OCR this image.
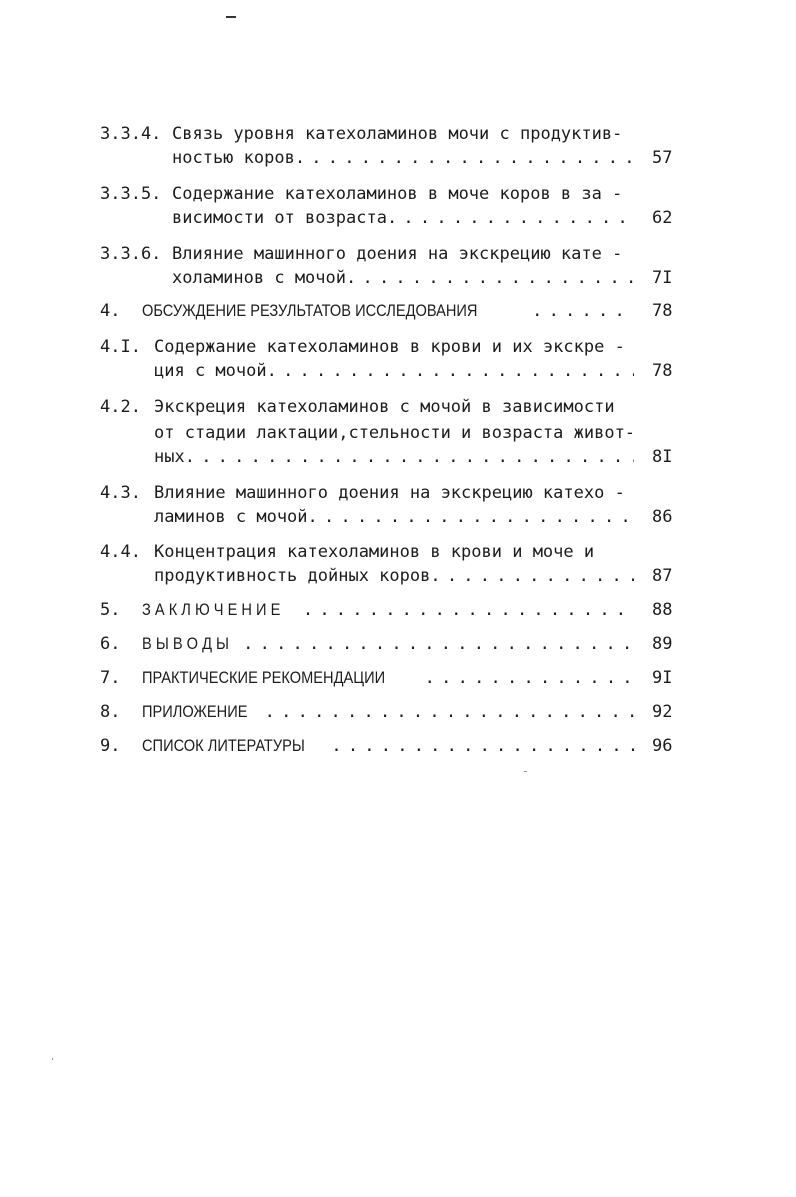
3.3.4. Связь уровня катехоламинов мочи с продуктив-
ностью коров . . .	57
3.3.5. Содержание катехоламинов в моче коров в за -
висимости от возраста . . .	62
3.3.6. Влияние машинного доения на экскрецию кате -
холаминов с мочой . . .	7I
4. ОБСУЖДЕНИЕ РЕЗУЛЬТАТОВ ИССЛЕДОВАНИЯ . . .	78
4.I. Содержание катехоламинов в крови и их экскре -
ция с мочой . . .	78
4.2. Экскреция катехоламинов с мочой в зависимости
от стадии лактации,стельности и возраста живот-
ных . . .	8I
4.3. Влияние машинного доения на экскрецию катехо -
ламинов с мочой . . .	86
4.4. Концентрация катехоламинов в крови и моче и
продуктивность дойных коров . . .	87
5. З А К Л Ю Ч Е Н И Е . . .	88
6. В Ы В О Д Ы . . .	89
7. ПРАКТИЧЕСКИЕ РЕКОМЕНДАЦИИ . . .	9I
8. ПРИЛОЖЕНИЕ . . .	92
9. СПИСОК ЛИТЕРАТУРЫ . . .	96
